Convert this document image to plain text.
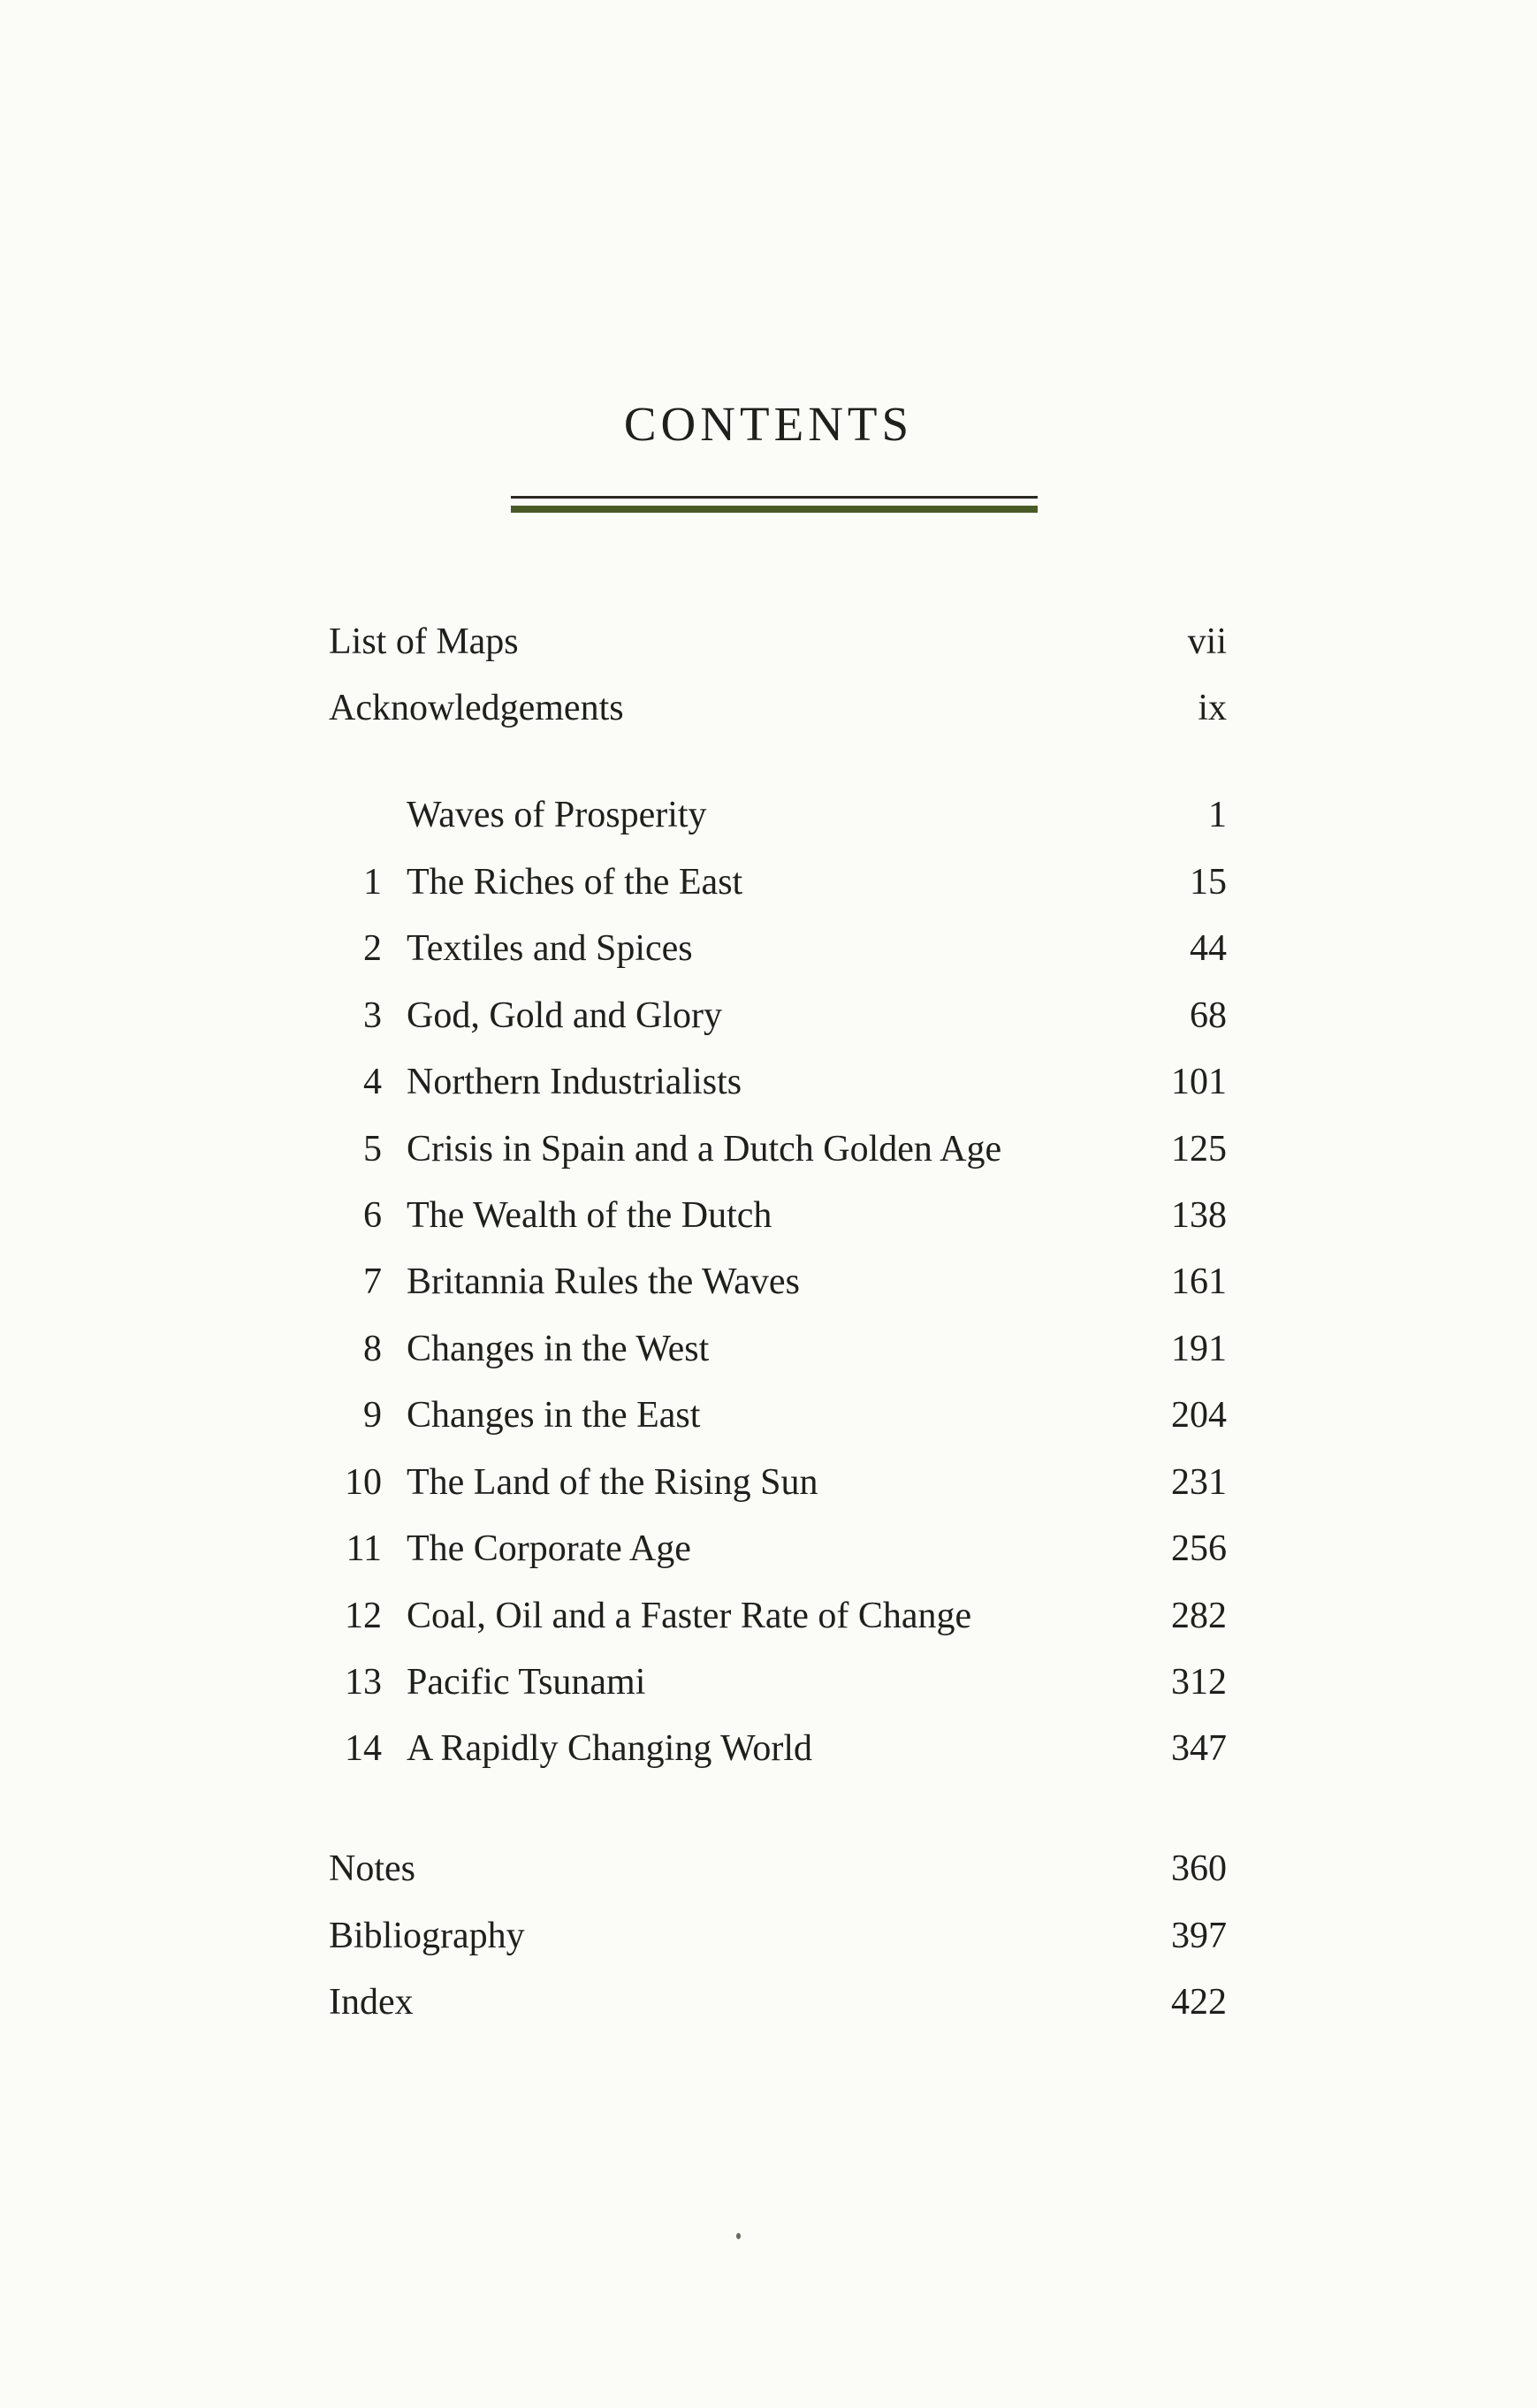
CONTENTS
List of Maps	vii
Acknowledgements	ix
Waves of Prosperity	1
1 The Riches of the East	15
2 Textiles and Spices	44
3 God, Gold and Glory	68
4 Northern Industrialists	101
5 Crisis in Spain and a Dutch Golden Age	125
6 The Wealth of the Dutch	138
7 Britannia Rules the Waves	161
8 Changes in the West	191
9 Changes in the East	204
10 The Land of the Rising Sun	231
11 The Corporate Age	256
12 Coal, Oil and a Faster Rate of Change	282
13 Pacific Tsunami	312
14 A Rapidly Changing World	347
Notes	360
Bibliography	397
Index	422
